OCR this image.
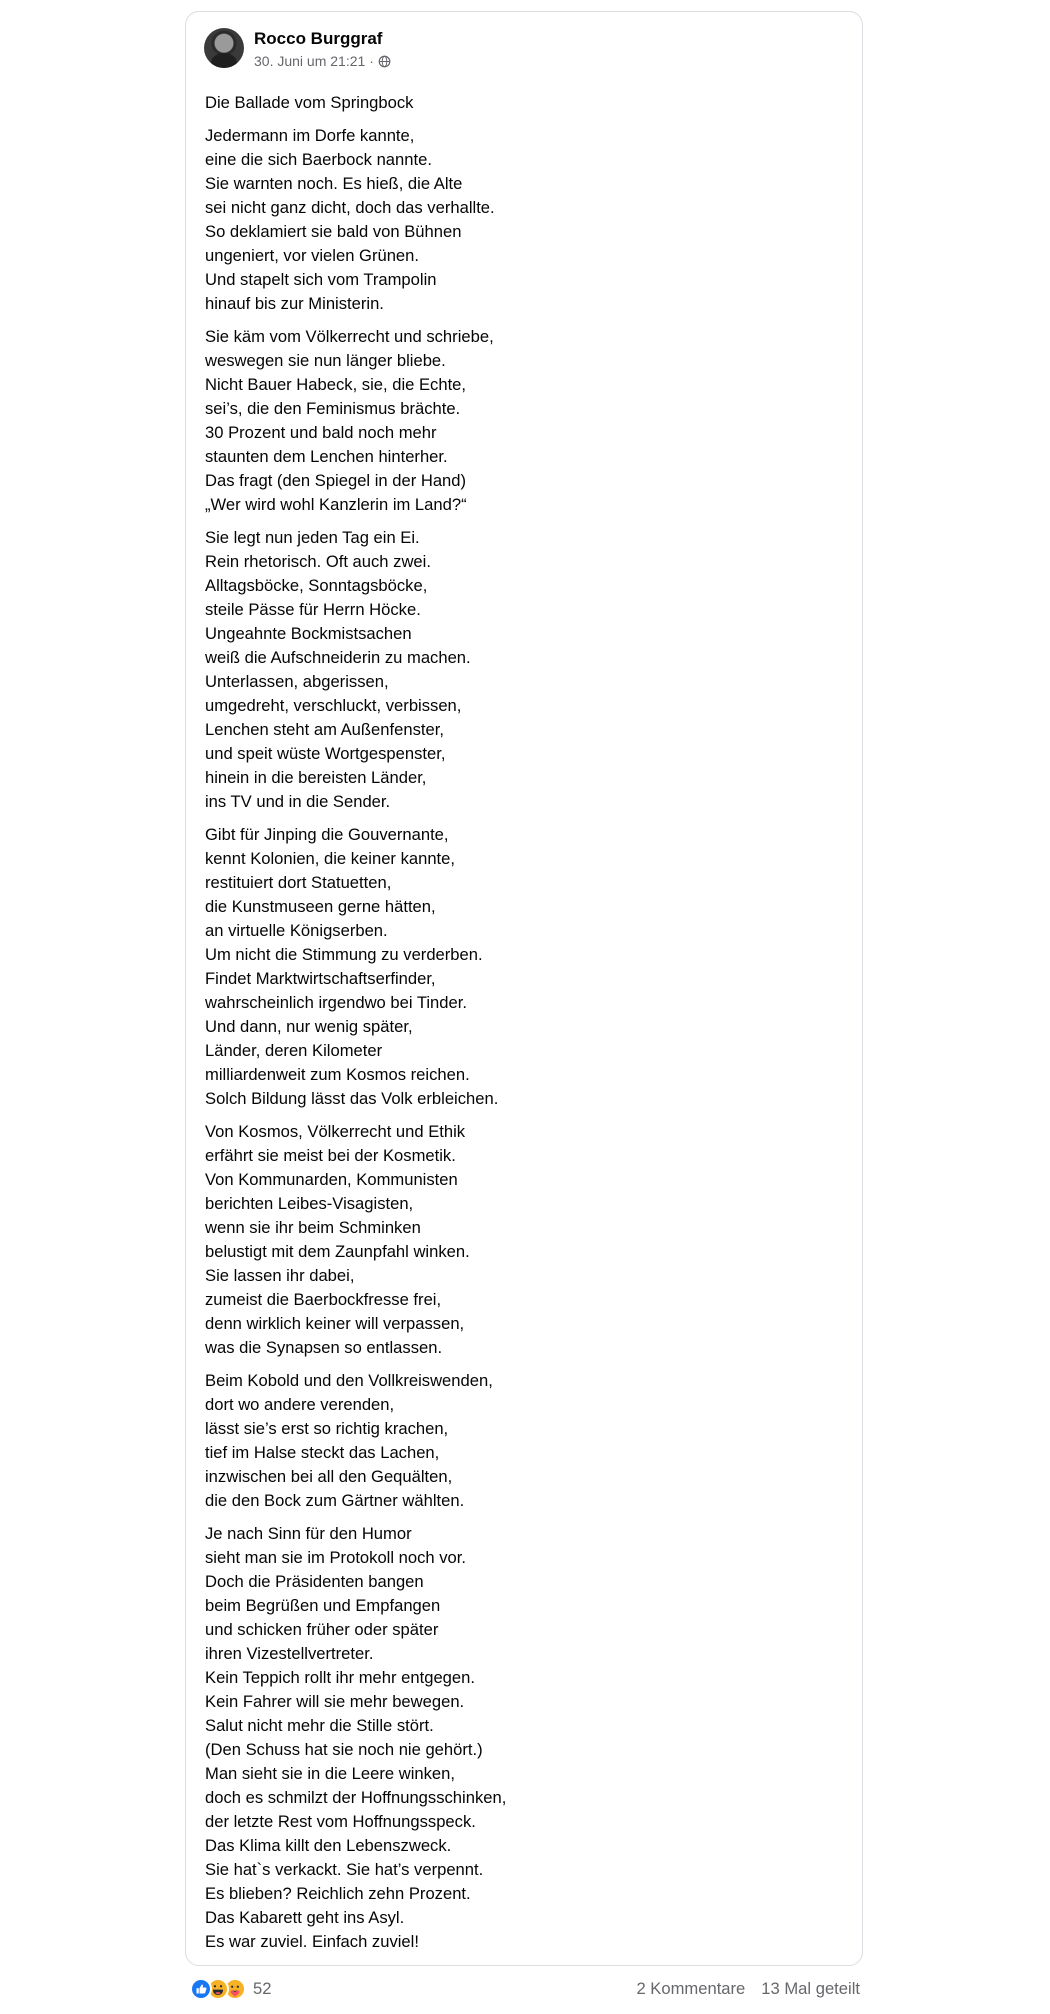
Rocco Burggraf
30. Juni um 21:21 ·
Die Ballade vom Springbock
Jedermann im Dorfe kannte,
eine die sich Baerbock nannte.
Sie warnten noch. Es hieß, die Alte
sei nicht ganz dicht, doch das verhallte.
So deklamiert sie bald von Bühnen
ungeniert, vor vielen Grünen.
Und stapelt sich vom Trampolin
hinauf bis zur Ministerin.
Sie käm vom Völkerrecht und schriebe,
weswegen sie nun länger bliebe.
Nicht Bauer Habeck, sie, die Echte,
sei’s, die den Feminismus brächte.
30 Prozent und bald noch mehr
staunten dem Lenchen hinterher.
Das fragt (den Spiegel in der Hand)
„Wer wird wohl Kanzlerin im Land?“
Sie legt nun jeden Tag ein Ei.
Rein rhetorisch. Oft auch zwei.
Alltagsböcke, Sonntagsböcke,
steile Pässe für Herrn Höcke.
Ungeahnte Bockmistsachen
weiß die Aufschneiderin zu machen.
Unterlassen, abgerissen,
umgedreht, verschluckt, verbissen,
Lenchen steht am Außenfenster,
und speit wüste Wortgespenster,
hinein in die bereisten Länder,
ins TV und in die Sender.
Gibt für Jinping die Gouvernante,
kennt Kolonien, die keiner kannte,
restituiert dort Statuetten,
die Kunstmuseen gerne hätten,
an virtuelle Königserben.
Um nicht die Stimmung zu verderben.
Findet Marktwirtschaftserfinder,
wahrscheinlich irgendwo bei Tinder.
Und dann, nur wenig später,
Länder, deren Kilometer
milliardenweit zum Kosmos reichen.
Solch Bildung lässt das Volk erbleichen.
Von Kosmos, Völkerrecht und Ethik
erfährt sie meist bei der Kosmetik.
Von Kommunarden, Kommunisten
berichten Leibes-Visagisten,
wenn sie ihr beim Schminken
belustigt mit dem Zaunpfahl winken.
Sie lassen ihr dabei,
zumeist die Baerbockfresse frei,
denn wirklich keiner will verpassen,
was die Synapsen so entlassen.
Beim Kobold und den Vollkreiswenden,
dort wo andere verenden,
lässt sie’s erst so richtig krachen,
tief im Halse steckt das Lachen,
inzwischen bei all den Gequälten,
die den Bock zum Gärtner wählten.
Je nach Sinn für den Humor
sieht man sie im Protokoll noch vor.
Doch die Präsidenten bangen
beim Begrüßen und Empfangen
und schicken früher oder später
ihren Vizestellvertreter.
Kein Teppich rollt ihr mehr entgegen.
Kein Fahrer will sie mehr bewegen.
Salut nicht mehr die Stille stört.
(Den Schuss hat sie noch nie gehört.)
Man sieht sie in die Leere winken,
doch es schmilzt der Hoffnungsschinken,
der letzte Rest vom Hoffnungsspeck.
Das Klima killt den Lebenszweck.
Sie hat`s verkackt. Sie hat’s verpennt.
Es blieben? Reichlich zehn Prozent.
Das Kabarett geht ins Asyl.
Es war zuviel. Einfach zuviel!
52	2 Kommentare 13 Mal geteilt
